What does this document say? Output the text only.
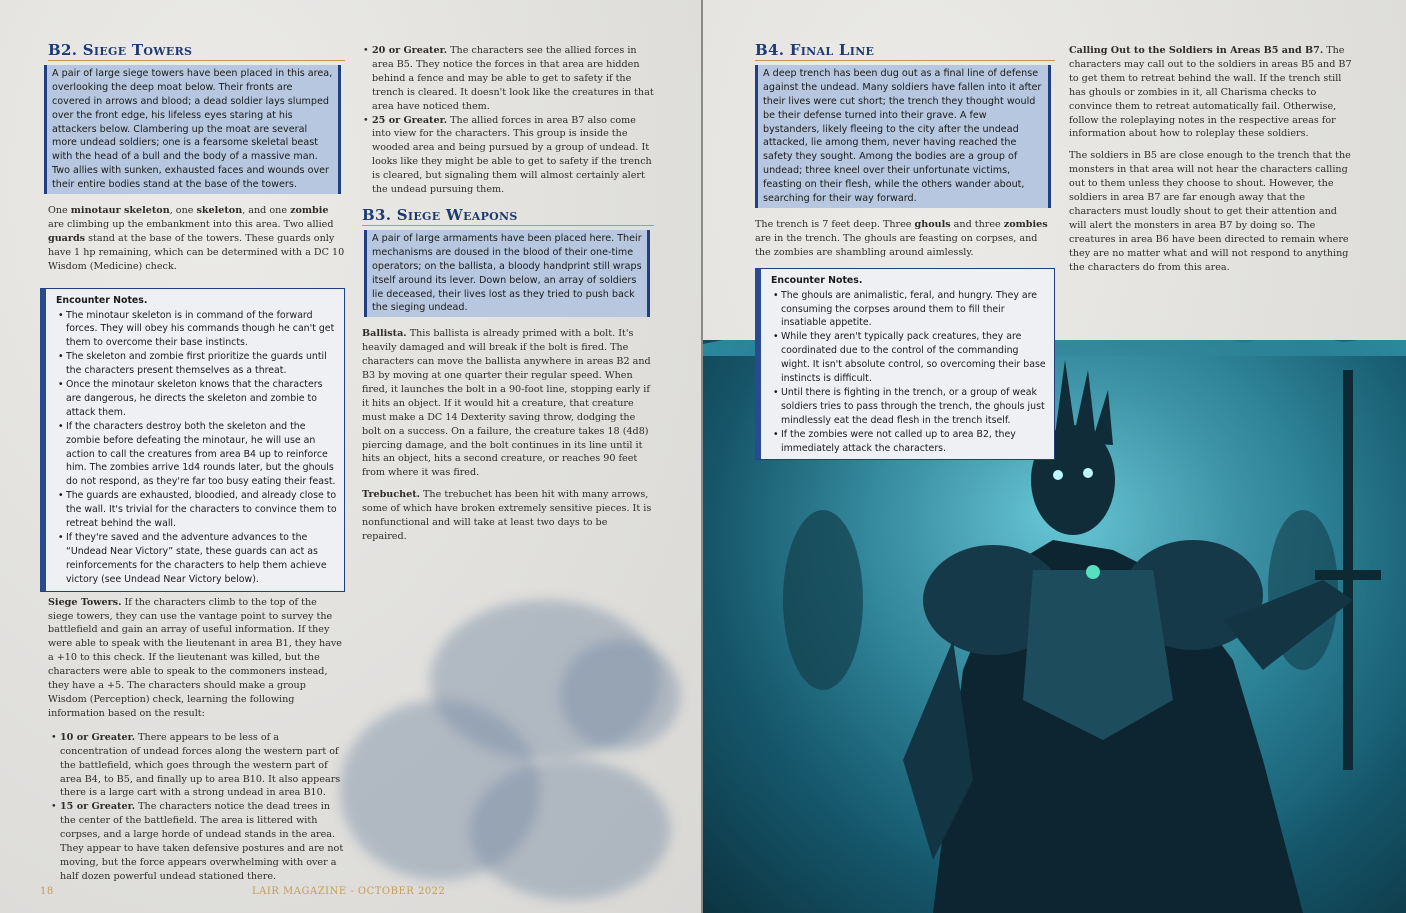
B2. Siege Towers
A pair of large siege towers have been placed in this area, overlooking the deep moat below. Their fronts are covered in arrows and blood; a dead soldier lays slumped over the front edge, his lifeless eyes staring at his attackers below. Clambering up the moat are several more undead soldiers; one is a fearsome skeletal beast with the head of a bull and the body of a massive man. Two allies with sunken, exhausted faces and wounds over their entire bodies stand at the base of the towers.

One minotaur skeleton, one skeleton, and one zombie are climbing up the embankment into this area. Two allied guards stand at the base of the towers. These guards only have 1 hp remaining, which can be determined with a DC 10 Wisdom (Medicine) check.

Encounter Notes.
• The minotaur skeleton is in command of the forward forces. They will obey his commands though he can't get them to overcome their base instincts.
• The skeleton and zombie first prioritize the guards until the characters present themselves as a threat.
• Once the minotaur skeleton knows that the characters are dangerous, he directs the skeleton and zombie to attack them.
• If the characters destroy both the skeleton and the zombie before defeating the minotaur, he will use an action to call the creatures from area B4 up to reinforce him. The zombies arrive 1d4 rounds later, but the ghouls do not respond, as they're far too busy eating their feast.
• The guards are exhausted, bloodied, and already close to the wall. It's trivial for the characters to convince them to retreat behind the wall.
• If they're saved and the adventure advances to the “Undead Near Victory” state, these guards can act as reinforcements for the characters to help them achieve victory (see Undead Near Victory below).

Siege Towers. If the characters climb to the top of the siege towers, they can use the vantage point to survey the battlefield and gain an array of useful information. If they were able to speak with the lieutenant in area B1, they have a +10 to this check. If the lieutenant was killed, but the characters were able to speak to the commoners instead, they have a +5. The characters should make a group Wisdom (Perception) check, learning the following information based on the result:

• 10 or Greater. There appears to be less of a concentration of undead forces along the western part of the battlefield, which goes through the western part of area B4, to B5, and finally up to area B10. It also appears there is a large cart with a strong undead in area B10.
• 15 or Greater. The characters notice the dead trees in the center of the battlefield. The area is littered with corpses, and a large horde of undead stands in the area. They appear to have taken defensive postures and are not moving, but the force appears overwhelming with over a half dozen powerful undead stationed there.
• 20 or Greater. The characters see the allied forces in area B5. They notice the forces in that area are hidden behind a fence and may be able to get to safety if the trench is cleared. It doesn't look like the creatures in that area have noticed them.
• 25 or Greater. The allied forces in area B7 also come into view for the characters. This group is inside the wooded area and being pursued by a group of undead. It looks like they might be able to get to safety if the trench is cleared, but signaling them will almost certainly alert the undead pursuing them.
B3. Siege Weapons
A pair of large armaments have been placed here. Their mechanisms are doused in the blood of their one-time operators; on the ballista, a bloody handprint still wraps itself around its lever. Down below, an array of soldiers lie deceased, their lives lost as they tried to push back the sieging undead.

Ballista. This ballista is already primed with a bolt. It's heavily damaged and will break if the bolt is fired. The characters can move the ballista anywhere in areas B2 and B3 by moving at one quarter their regular speed. When fired, it launches the bolt in a 90-foot line, stopping early if it hits an object. If it would hit a creature, that creature must make a DC 14 Dexterity saving throw, dodging the bolt on a success. On a failure, the creature takes 18 (4d8) piercing damage, and the bolt continues in its line until it hits an object, hits a second creature, or reaches 90 feet from where it was fired.

Trebuchet. The trebuchet has been hit with many arrows, some of which have broken extremely sensitive pieces. It is nonfunctional and will take at least two days to be repaired.

18	LAIR MAGAZINE - OCTOBER 2022
B4. Final Line
A deep trench has been dug out as a final line of defense against the undead. Many soldiers have fallen into it after their lives were cut short; the trench they thought would be their defense turned into their grave. A few bystanders, likely fleeing to the city after the undead attacked, lie among them, never having reached the safety they sought. Among the bodies are a group of undead; three kneel over their unfortunate victims, feasting on their flesh, while the others wander about, searching for their way forward.

The trench is 7 feet deep. Three ghouls and three zombies are in the trench. The ghouls are feasting on corpses, and the zombies are shambling around aimlessly.

Encounter Notes.
• The ghouls are animalistic, feral, and hungry. They are consuming the corpses around them to fill their insatiable appetite.
• While they aren't typically pack creatures, they are coordinated due to the control of the commanding wight. It isn't absolute control, so overcoming their base instincts is difficult.
• Until there is fighting in the trench, or a group of weak soldiers tries to pass through the trench, the ghouls just mindlessly eat the dead flesh in the trench itself.
• If the zombies were not called up to area B2, they immediately attack the characters.

Calling Out to the Soldiers in Areas B5 and B7. The characters may call out to the soldiers in areas B5 and B7 to get them to retreat behind the wall. If the trench still has ghouls or zombies in it, all Charisma checks to convince them to retreat automatically fail. Otherwise, follow the roleplaying notes in the respective areas for information about how to roleplay these soldiers.

The soldiers in B5 are close enough to the trench that the monsters in that area will not hear the characters calling out to them unless they choose to shout. However, the soldiers in area B7 are far enough away that the characters must loudly shout to get their attention and will alert the monsters in area B7 by doing so. The creatures in area B6 have been directed to remain where they are no matter what and will not respond to anything the characters do from this area.
